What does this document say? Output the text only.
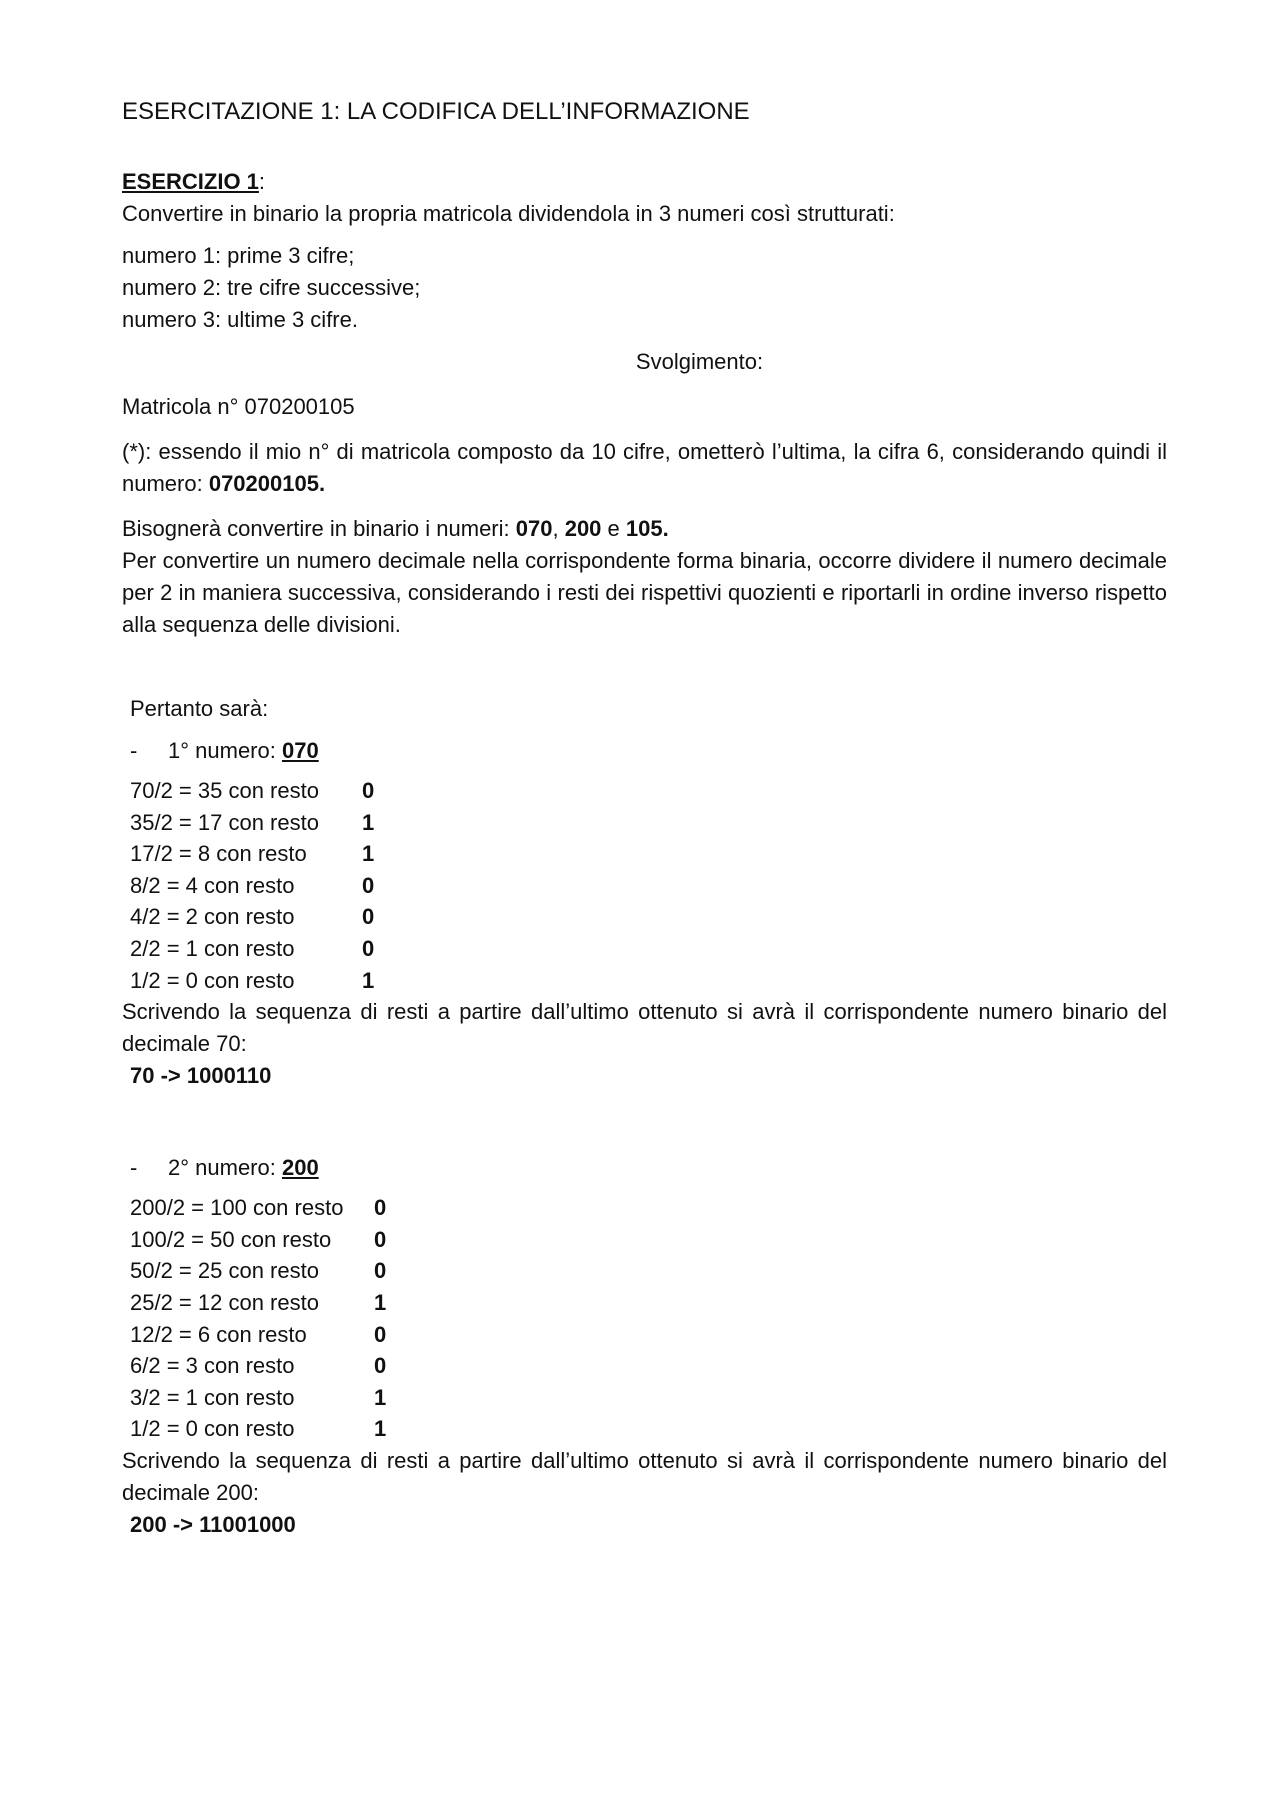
ESERCITAZIONE 1: LA CODIFICA DELL’INFORMAZIONE

ESERCIZIO 1:

Convertire in binario la propria matricola dividendola in 3 numeri così strutturati:

numero 1: prime 3 cifre;

numero 2: tre cifre successive;

numero 3: ultime 3 cifre.

Svolgimento:

Matricola n° 070200105

(*): essendo il mio n° di matricola composto da 10 cifre, ometterò l’ultima, la cifra 6, considerando quindi il numero: 070200105.

Bisognerà convertire in binario i numeri: 070, 200 e 105.

Per convertire un numero decimale nella corrispondente forma binaria, occorre dividere il numero decimale per 2 in maniera successiva, considerando i resti dei rispettivi quozienti e riportarli in ordine inverso rispetto alla sequenza delle divisioni.

Pertanto sarà:

-	1° numero:
070
70/2 = 35 con resto	0
35/2 = 17 con resto	1
17/2 = 8 con resto	1
8/2 = 4 con resto	0
4/2 = 2 con resto	0
2/2 = 1 con resto	0
1/2 = 0 con resto	1

Scrivendo la sequenza di resti a partire dall’ultimo ottenuto si avrà il corrispondente numero binario del decimale 70:

70 -> 1000110

-	2° numero:
200
200/2 = 100 con resto	0
100/2 = 50 con resto	0
50/2 = 25 con resto	0
25/2 = 12 con resto	1
12/2 = 6 con resto	0
6/2 = 3 con resto	0
3/2 = 1 con resto	1
1/2 = 0 con resto	1

Scrivendo la sequenza di resti a partire dall’ultimo ottenuto si avrà il corrispondente numero binario del decimale 200:

200 -> 11001000
